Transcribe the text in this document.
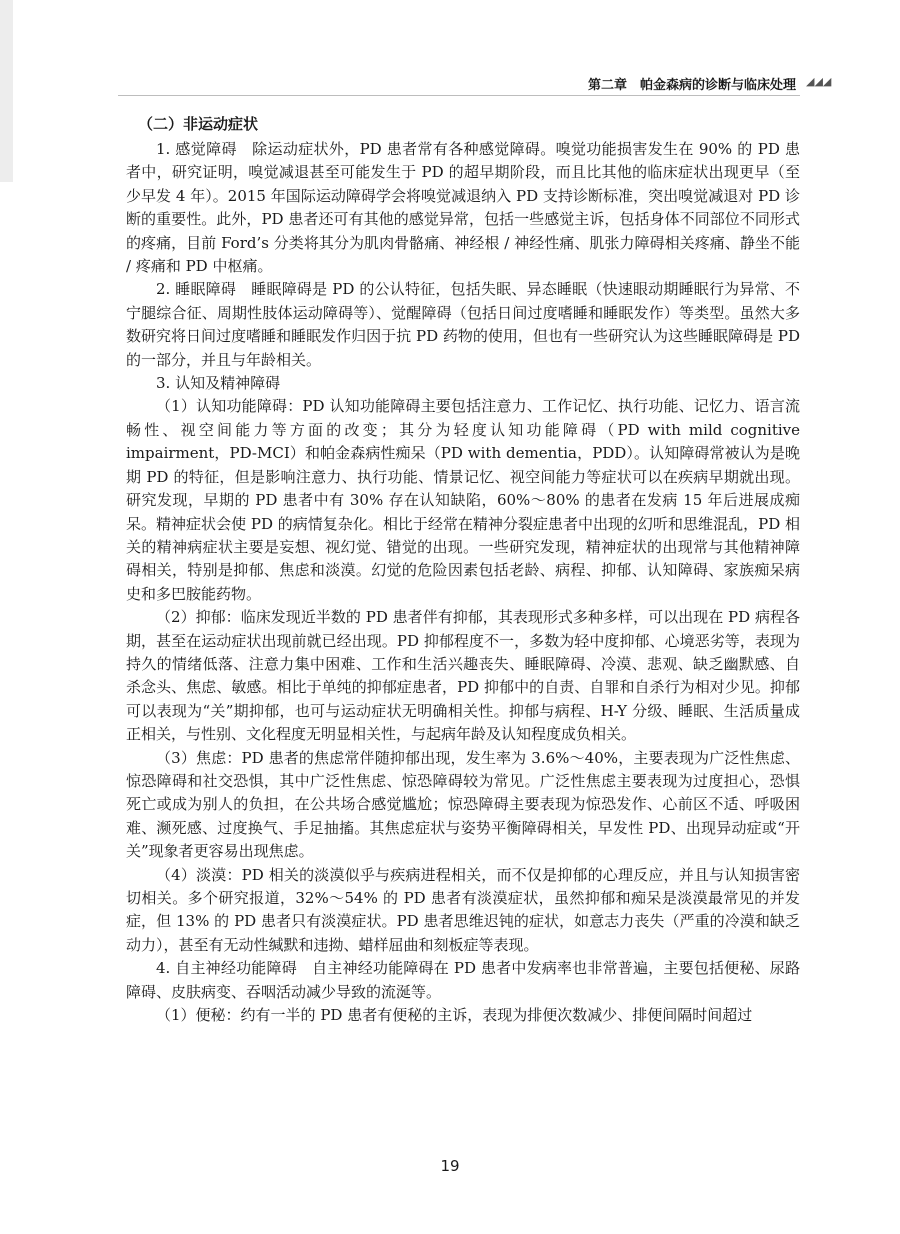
第二章　帕金森病的诊断与临床处理 ◢◢◢
（二）非运动症状

1. 感觉障碍　除运动症状外，PD 患者常有各种感觉障碍。嗅觉功能损害发生在 90% 的 PD 患者中，研究证明，嗅觉减退甚至可能发生于 PD 的超早期阶段，而且比其他的临床症状出现更早（至少早发 4 年）。2015 年国际运动障碍学会将嗅觉减退纳入 PD 支持诊断标准，突出嗅觉减退对 PD 诊断的重要性。此外，PD 患者还可有其他的感觉异常，包括一些感觉主诉，包括身体不同部位不同形式的疼痛，目前 Ford’s 分类将其分为肌肉骨骼痛、神经根 / 神经性痛、肌张力障碍相关疼痛、静坐不能 / 疼痛和 PD 中枢痛。

2. 睡眠障碍　睡眠障碍是 PD 的公认特征，包括失眠、异态睡眠（快速眼动期睡眠行为异常、不宁腿综合征、周期性肢体运动障碍等）、觉醒障碍（包括日间过度嗜睡和睡眠发作）等类型。虽然大多数研究将日间过度嗜睡和睡眠发作归因于抗 PD 药物的使用，但也有一些研究认为这些睡眠障碍是 PD 的一部分，并且与年龄相关。

3. 认知及精神障碍

（1）认知功能障碍：PD 认知功能障碍主要包括注意力、工作记忆、执行功能、记忆力、语言流畅性、视空间能力等方面的改变；其分为轻度认知功能障碍（PD with mild cognitive impairment，PD-MCI）和帕金森病性痴呆（PD with dementia，PDD）。认知障碍常被认为是晚期 PD 的特征，但是影响注意力、执行功能、情景记忆、视空间能力等症状可以在疾病早期就出现。研究发现，早期的 PD 患者中有 30% 存在认知缺陷，60%～80% 的患者在发病 15 年后进展成痴呆。精神症状会使 PD 的病情复杂化。相比于经常在精神分裂症患者中出现的幻听和思维混乱，PD 相关的精神病症状主要是妄想、视幻觉、错觉的出现。一些研究发现，精神症状的出现常与其他精神障碍相关，特别是抑郁、焦虑和淡漠。幻觉的危险因素包括老龄、病程、抑郁、认知障碍、家族痴呆病史和多巴胺能药物。

（2）抑郁：临床发现近半数的 PD 患者伴有抑郁，其表现形式多种多样，可以出现在 PD 病程各期，甚至在运动症状出现前就已经出现。PD 抑郁程度不一，多数为轻中度抑郁、心境恶劣等，表现为持久的情绪低落、注意力集中困难、工作和生活兴趣丧失、睡眠障碍、冷漠、悲观、缺乏幽默感、自杀念头、焦虑、敏感。相比于单纯的抑郁症患者，PD 抑郁中的自责、自罪和自杀行为相对少见。抑郁可以表现为“关”期抑郁，也可与运动症状无明确相关性。抑郁与病程、H-Y 分级、睡眠、生活质量成正相关，与性别、文化程度无明显相关性，与起病年龄及认知程度成负相关。

（3）焦虑：PD 患者的焦虑常伴随抑郁出现，发生率为 3.6%～40%，主要表现为广泛性焦虑、惊恐障碍和社交恐惧，其中广泛性焦虑、惊恐障碍较为常见。广泛性焦虑主要表现为过度担心，恐惧死亡或成为别人的负担，在公共场合感觉尴尬；惊恐障碍主要表现为惊恐发作、心前区不适、呼吸困难、濒死感、过度换气、手足抽搐。其焦虑症状与姿势平衡障碍相关，早发性 PD、出现异动症或“开关”现象者更容易出现焦虑。

（4）淡漠：PD 相关的淡漠似乎与疾病进程相关，而不仅是抑郁的心理反应，并且与认知损害密切相关。多个研究报道，32%～54% 的 PD 患者有淡漠症状，虽然抑郁和痴呆是淡漠最常见的并发症，但 13% 的 PD 患者只有淡漠症状。PD 患者思维迟钝的症状，如意志力丧失（严重的冷漠和缺乏动力），甚至有无动性缄默和违拗、蜡样屈曲和刻板症等表现。

4. 自主神经功能障碍　自主神经功能障碍在 PD 患者中发病率也非常普遍，主要包括便秘、尿路障碍、皮肤病变、吞咽活动减少导致的流涎等。

（1）便秘：约有一半的 PD 患者有便秘的主诉，表现为排便次数减少、排便间隔时间超过

19
